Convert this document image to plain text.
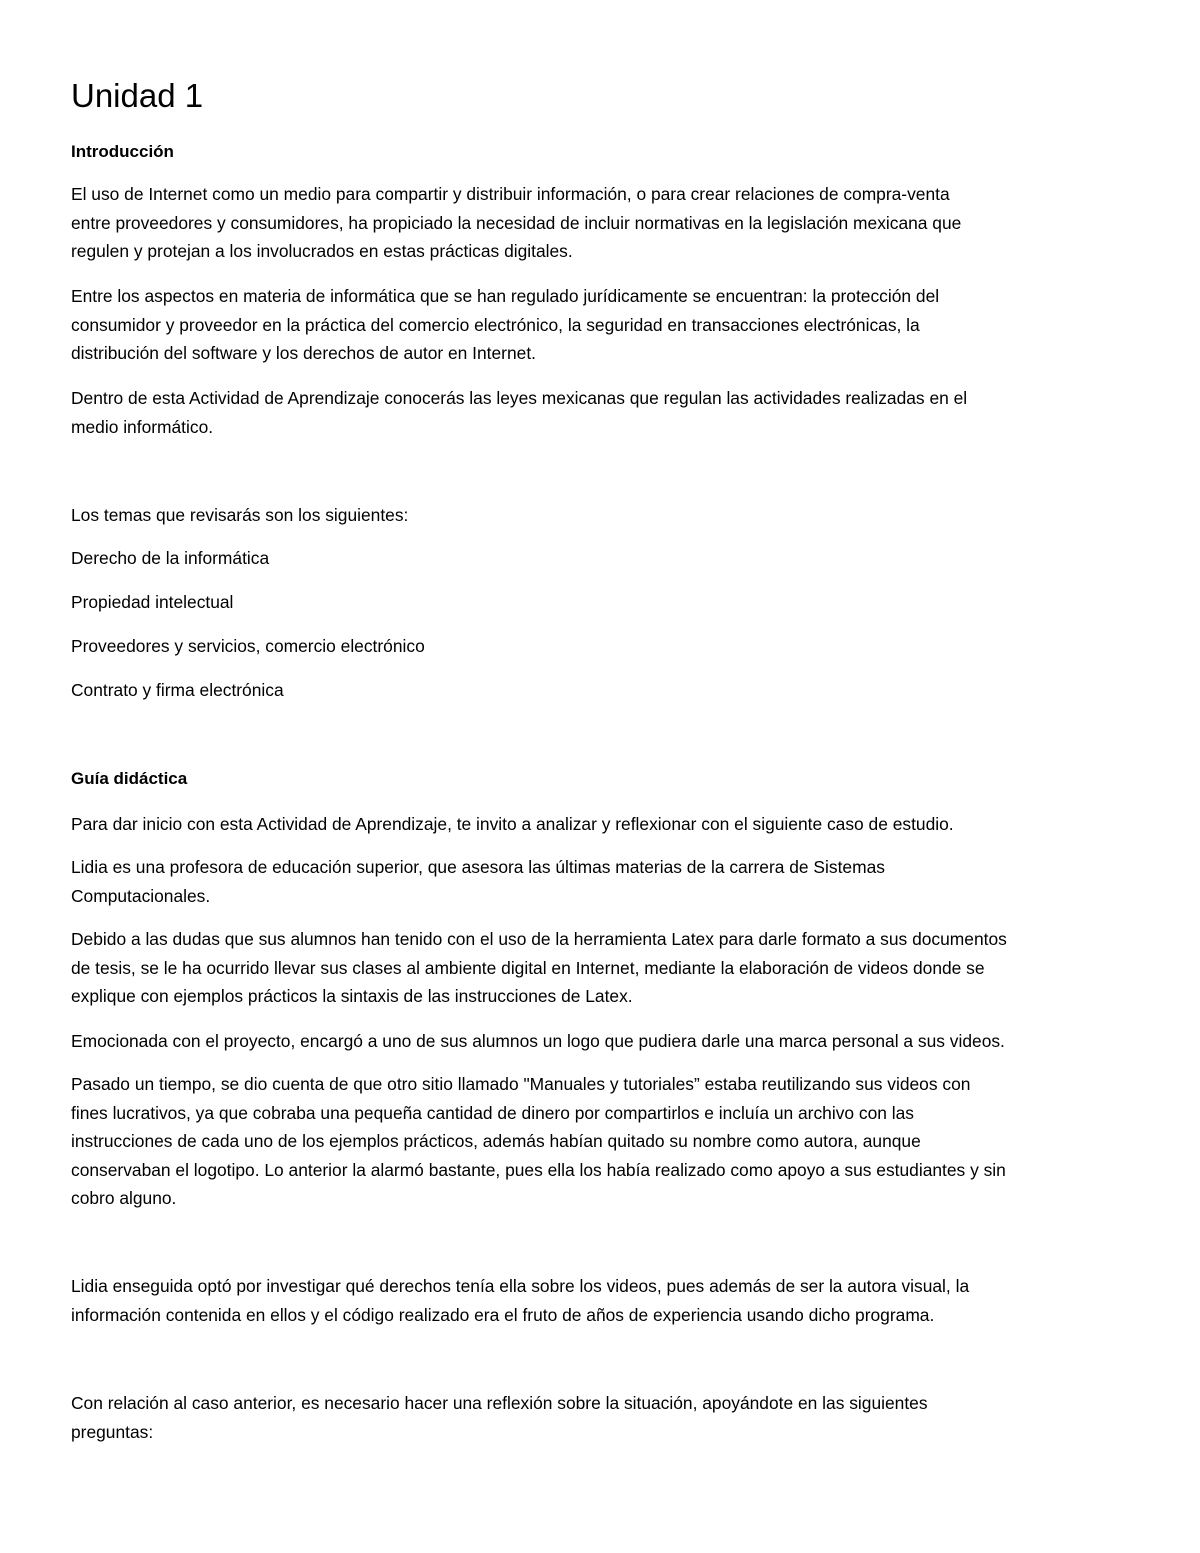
Unidad 1
Introducción

El uso de Internet como un medio para compartir y distribuir información, o para crear relaciones de compra-venta
entre proveedores y consumidores, ha propiciado la necesidad de incluir normativas en la legislación mexicana que
regulen y protejan a los involucrados en estas prácticas digitales.

Entre los aspectos en materia de informática que se han regulado jurídicamente se encuentran: la protección del
consumidor y proveedor en la práctica del comercio electrónico, la seguridad en transacciones electrónicas, la
distribución del software y los derechos de autor en Internet.

Dentro de esta Actividad de Aprendizaje conocerás las leyes mexicanas que regulan las actividades realizadas en el
medio informático.

Los temas que revisarás son los siguientes:

Derecho de la informática

Propiedad intelectual

Proveedores y servicios, comercio electrónico

Contrato y firma electrónica

Guía didáctica

Para dar inicio con esta Actividad de Aprendizaje, te invito a analizar y reflexionar con el siguiente caso de estudio.

Lidia es una profesora de educación superior, que asesora las últimas materias de la carrera de Sistemas
Computacionales.

Debido a las dudas que sus alumnos han tenido con el uso de la herramienta Latex para darle formato a sus documentos
de tesis, se le ha ocurrido llevar sus clases al ambiente digital en Internet, mediante la elaboración de videos donde se
explique con ejemplos prácticos la sintaxis de las instrucciones de Latex.

Emocionada con el proyecto, encargó a uno de sus alumnos un logo que pudiera darle una marca personal a sus videos.

Pasado un tiempo, se dio cuenta de que otro sitio llamado "Manuales y tutoriales” estaba reutilizando sus videos con
fines lucrativos, ya que cobraba una pequeña cantidad de dinero por compartirlos e incluía un archivo con las
instrucciones de cada uno de los ejemplos prácticos, además habían quitado su nombre como autora, aunque
conservaban el logotipo. Lo anterior la alarmó bastante, pues ella los había realizado como apoyo a sus estudiantes y sin
cobro alguno.

Lidia enseguida optó por investigar qué derechos tenía ella sobre los videos, pues además de ser la autora visual, la
información contenida en ellos y el código realizado era el fruto de años de experiencia usando dicho programa.

Con relación al caso anterior, es necesario hacer una reflexión sobre la situación, apoyándote en las siguientes
preguntas:
